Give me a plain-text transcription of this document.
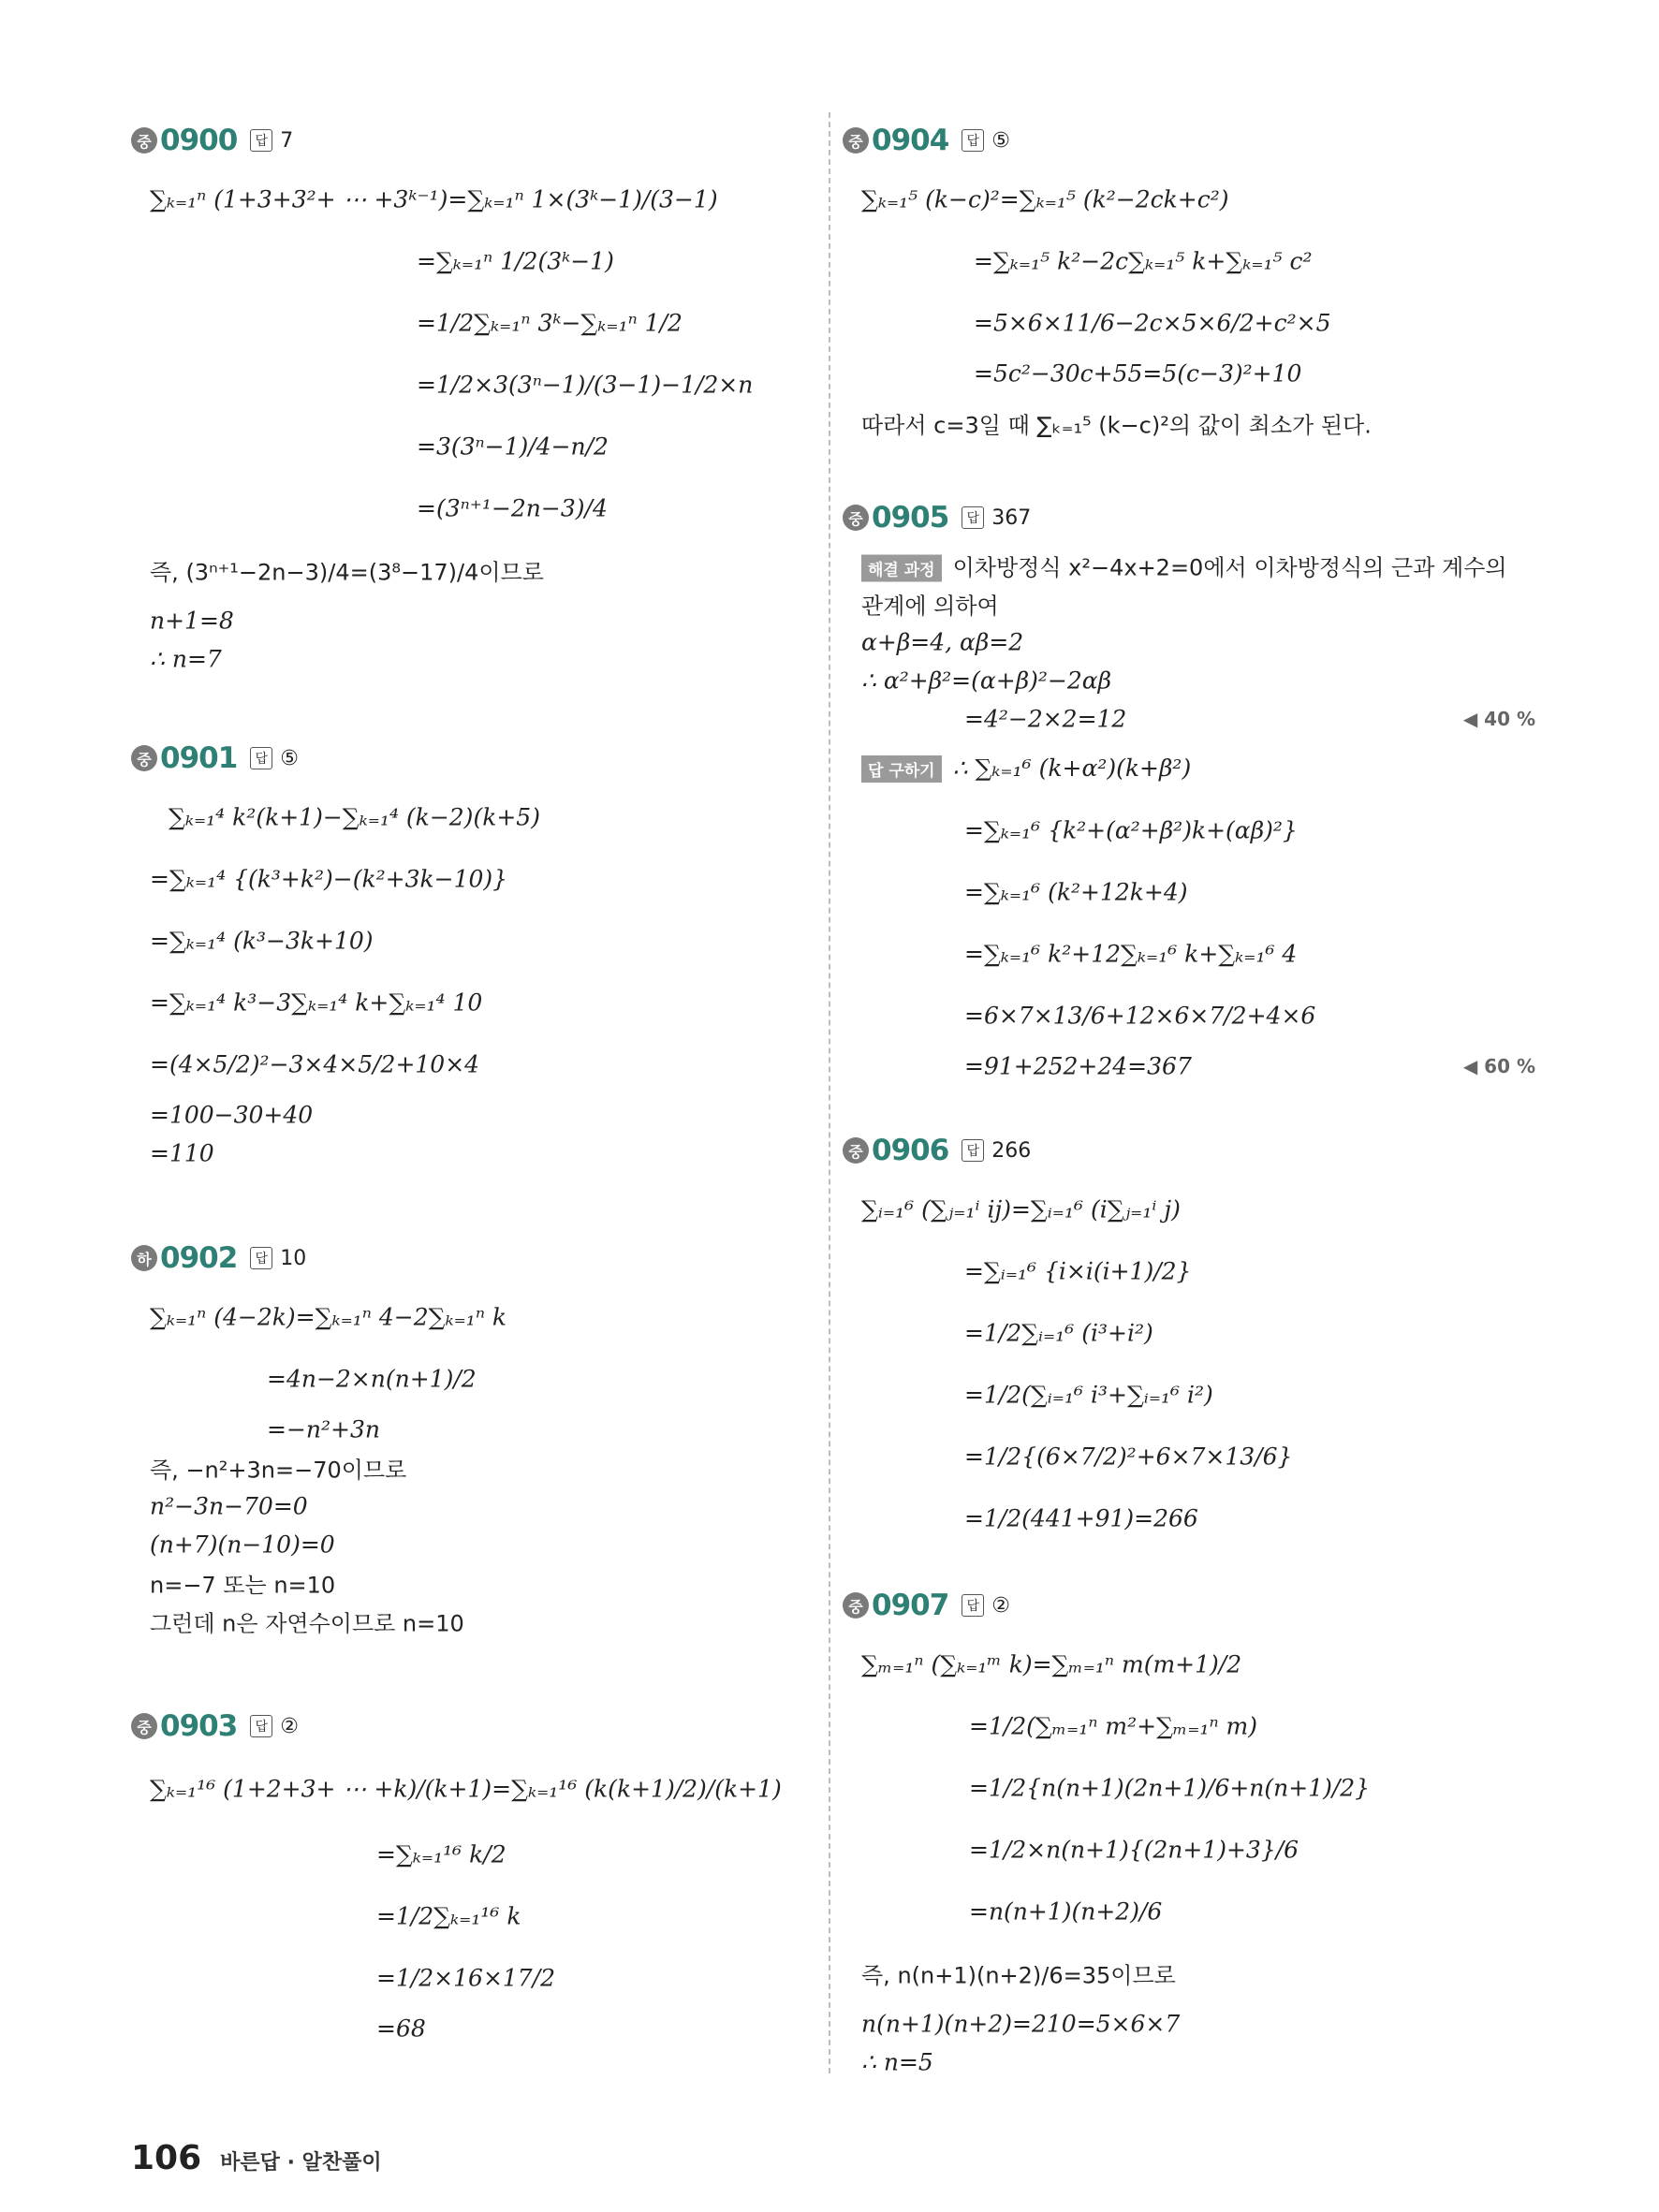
중 0900	답 7
∑ₖ₌₁ⁿ (1+3+3²+ ⋯ +3ᵏ⁻¹)=∑ₖ₌₁ⁿ 1×(3ᵏ−1)/(3−1)
=∑ₖ₌₁ⁿ 1/2(3ᵏ−1)
=1/2∑ₖ₌₁ⁿ 3ᵏ−∑ₖ₌₁ⁿ 1/2
=1/2×3(3ⁿ−1)/(3−1)−1/2×n
=3(3ⁿ−1)/4−n/2
=(3ⁿ⁺¹−2n−3)/4
즉, (3ⁿ⁺¹−2n−3)/4=(3⁸−17)/4이므로
n+1=8
∴ n=7
중 0901	답 ⑤
∑ₖ₌₁⁴ k²(k+1)−∑ₖ₌₁⁴ (k−2)(k+5)
=∑ₖ₌₁⁴ {(k³+k²)−(k²+3k−10)}
=∑ₖ₌₁⁴ (k³−3k+10)
=∑ₖ₌₁⁴ k³−3∑ₖ₌₁⁴ k+∑ₖ₌₁⁴ 10
=(4×5/2)²−3×4×5/2+10×4
=100−30+40
=110
하 0902	답 10
∑ₖ₌₁ⁿ (4−2k)=∑ₖ₌₁ⁿ 4−2∑ₖ₌₁ⁿ k
=4n−2×n(n+1)/2
=−n²+3n
즉, −n²+3n=−70이므로
n²−3n−70=0
(n+7)(n−10)=0
n=−7 또는 n=10
그런데 n은 자연수이므로 n=10
중 0903	답 ②
∑ₖ₌₁¹⁶ (1+2+3+ ⋯ +k)/(k+1)=∑ₖ₌₁¹⁶ (k(k+1)/2)/(k+1)
=∑ₖ₌₁¹⁶ k/2
=1/2∑ₖ₌₁¹⁶ k
=1/2×16×17/2
=68
중 0904	답 ⑤
∑ₖ₌₁⁵ (k−c)²=∑ₖ₌₁⁵ (k²−2ck+c²)
=∑ₖ₌₁⁵ k²−2c∑ₖ₌₁⁵ k+∑ₖ₌₁⁵ c²
=5×6×11/6−2c×5×6/2+c²×5
=5c²−30c+55=5(c−3)²+10
따라서 c=3일 때 ∑ₖ₌₁⁵ (k−c)²의 값이 최소가 된다.
중 0905	답 367
해결 과정 이차방정식 x²−4x+2=0에서 이차방정식의 근과 계수의
관계에 의하여
α+β=4, αβ=2
∴ α²+β²=(α+β)²−2αβ
=4²−2×2=12	◀ 40 %
답 구하기 ∴ ∑ₖ₌₁⁶ (k+α²)(k+β²)
=∑ₖ₌₁⁶ {k²+(α²+β²)k+(αβ)²}
=∑ₖ₌₁⁶ (k²+12k+4)
=∑ₖ₌₁⁶ k²+12∑ₖ₌₁⁶ k+∑ₖ₌₁⁶ 4
=6×7×13/6+12×6×7/2+4×6
=91+252+24=367	◀ 60 %
중 0906	답 266
∑ᵢ₌₁⁶ (∑ⱼ₌₁ⁱ ij)=∑ᵢ₌₁⁶ (i∑ⱼ₌₁ⁱ j)
=∑ᵢ₌₁⁶ {i×i(i+1)/2}
=1/2∑ᵢ₌₁⁶ (i³+i²)
=1/2(∑ᵢ₌₁⁶ i³+∑ᵢ₌₁⁶ i²)
=1/2{(6×7/2)²+6×7×13/6}
=1/2(441+91)=266
중 0907	답 ②
∑ₘ₌₁ⁿ (∑ₖ₌₁ᵐ k)=∑ₘ₌₁ⁿ m(m+1)/2
=1/2(∑ₘ₌₁ⁿ m²+∑ₘ₌₁ⁿ m)
=1/2{n(n+1)(2n+1)/6+n(n+1)/2}
=1/2×n(n+1){(2n+1)+3}/6
=n(n+1)(n+2)/6
즉, n(n+1)(n+2)/6=35이므로
n(n+1)(n+2)=210=5×6×7
∴ n=5
106 바른답 · 알찬풀이
